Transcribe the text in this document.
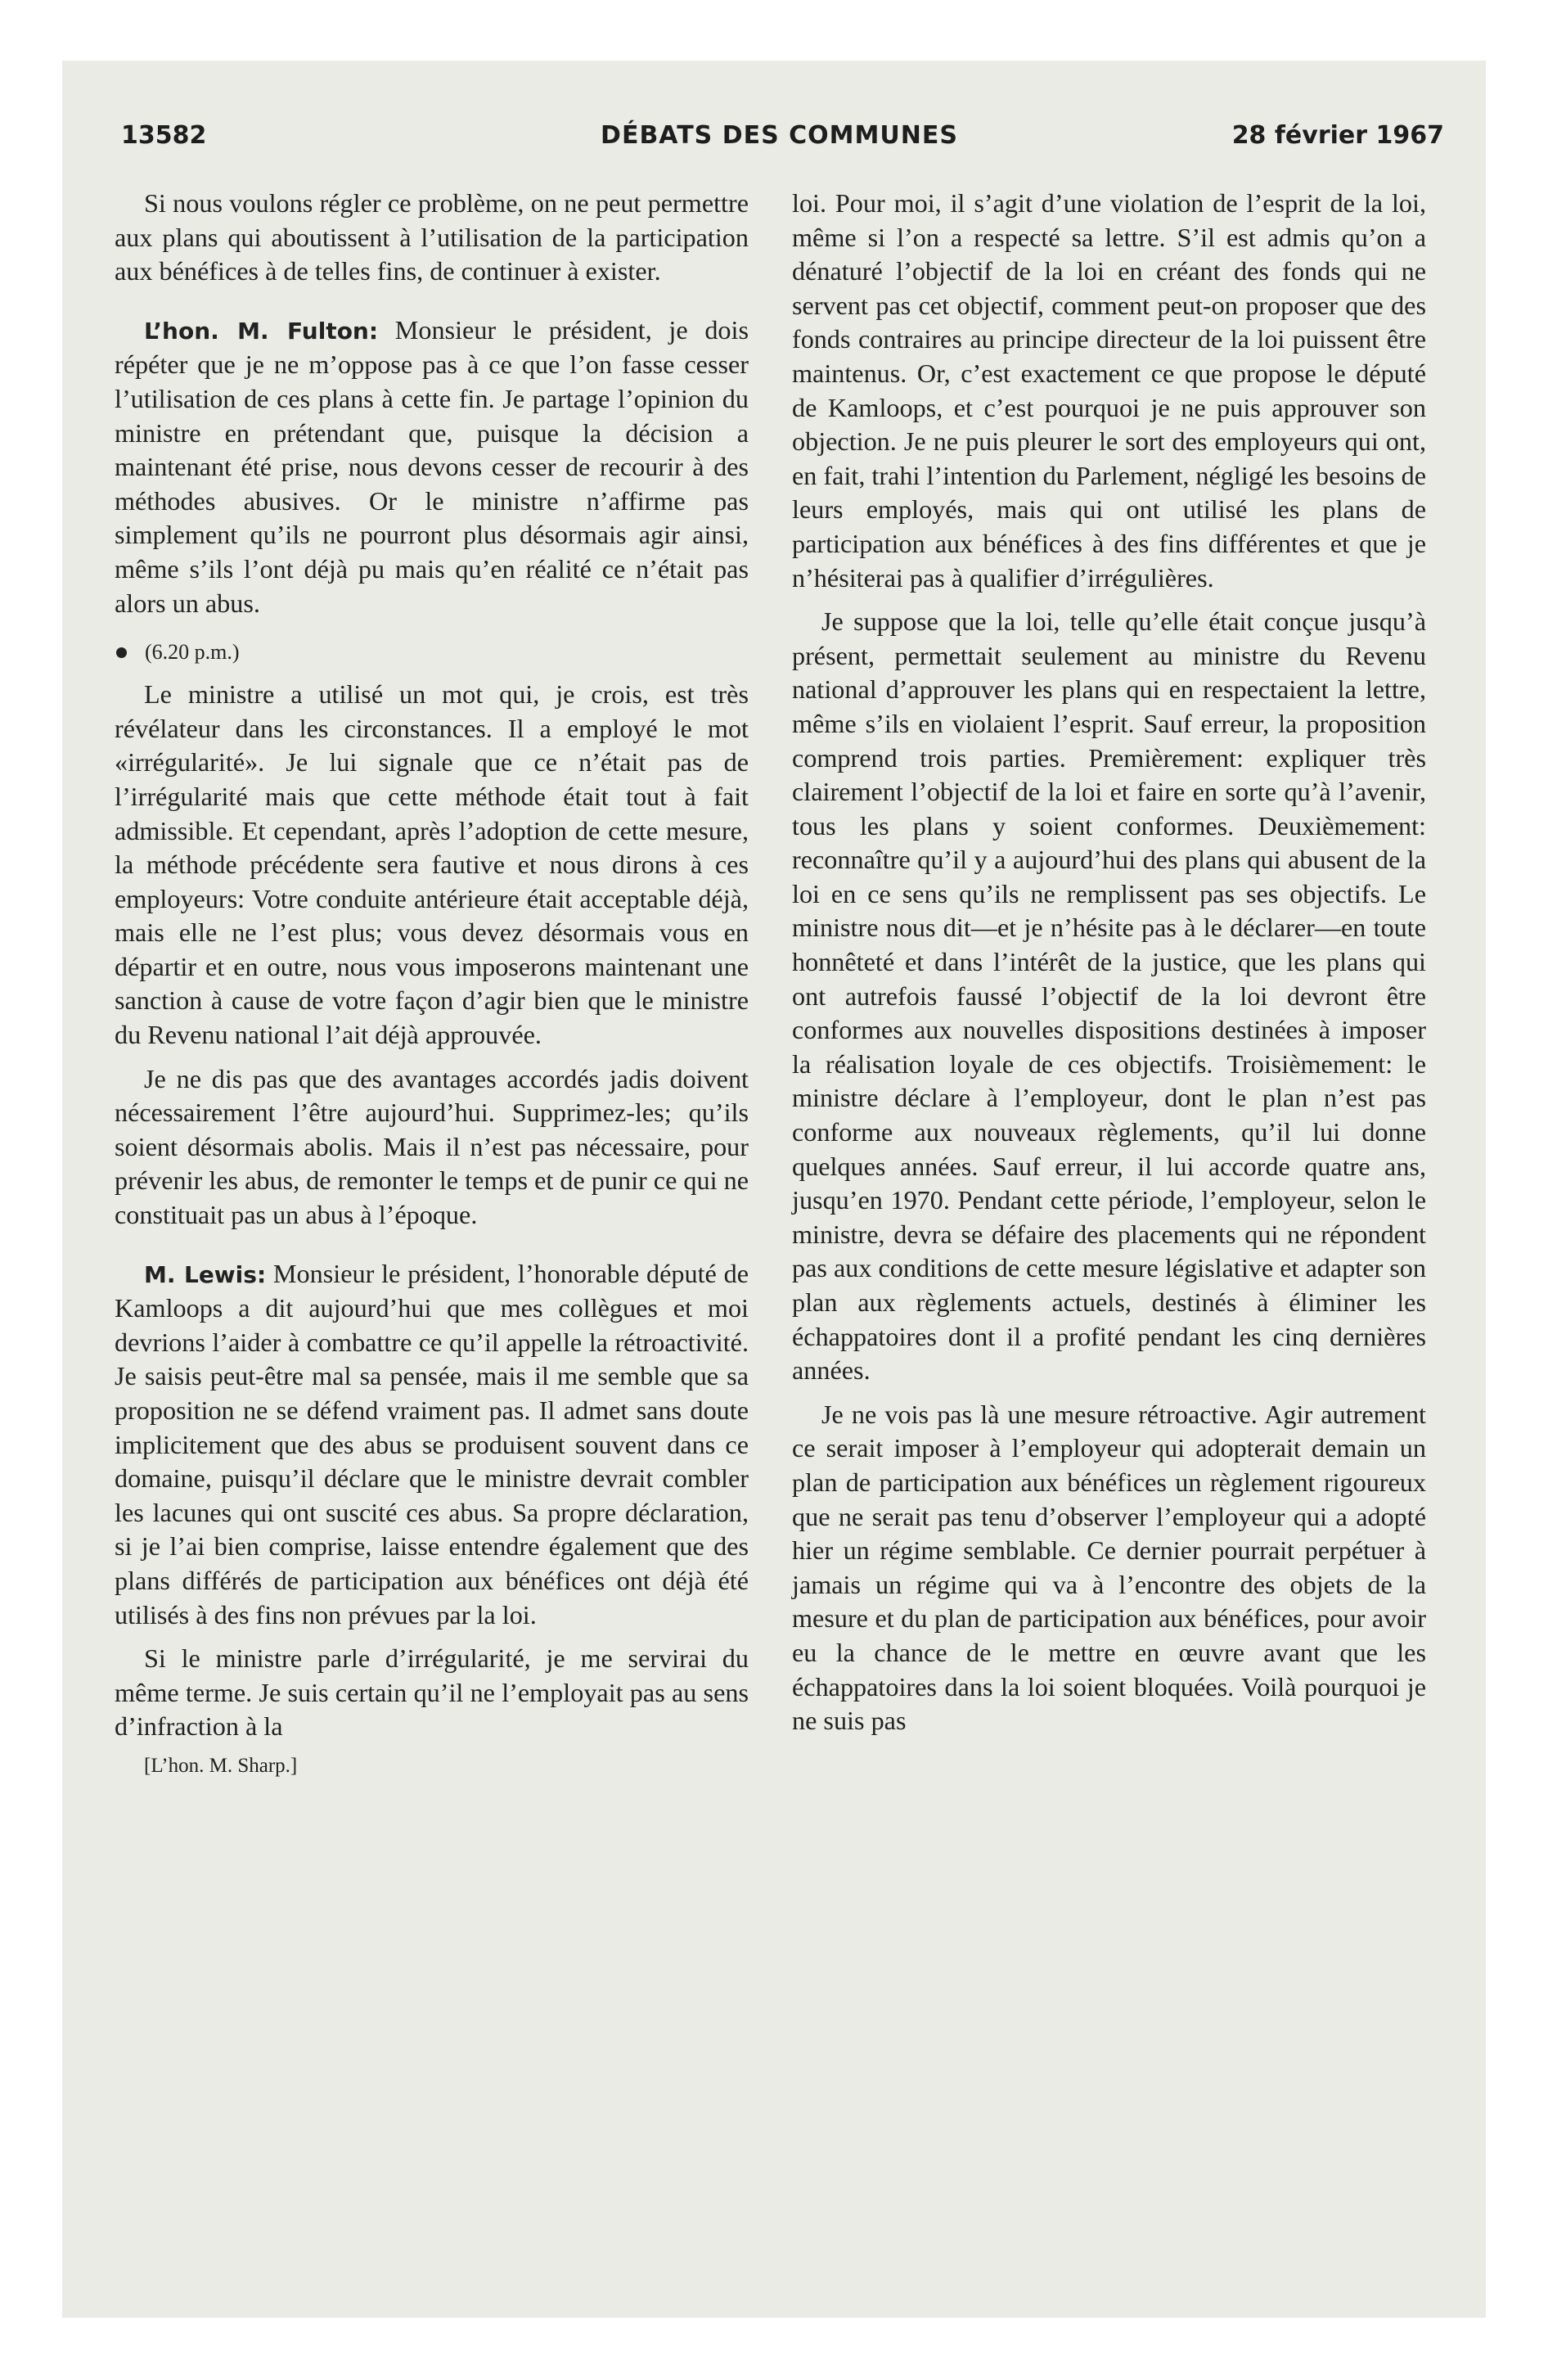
13582	DÉBATS DES COMMUNES	28 février 1967

Si nous voulons régler ce problème, on ne peut permettre aux plans qui aboutissent à l’utilisation de la participation aux bénéfices à de telles fins, de continuer à exister.

L’hon. M. Fulton: Monsieur le président, je dois répéter que je ne m’oppose pas à ce que l’on fasse cesser l’utilisation de ces plans à cette fin. Je partage l’opinion du ministre en prétendant que, puisque la décision a maintenant été prise, nous devons cesser de recourir à des méthodes abusives. Or le ministre n’affirme pas simplement qu’ils ne pourront plus désormais agir ainsi, même s’ils l’ont déjà pu mais qu’en réalité ce n’était pas alors un abus.

(6.20 p.m.)

Le ministre a utilisé un mot qui, je crois, est très révélateur dans les circonstances. Il a employé le mot «irrégularité». Je lui signale que ce n’était pas de l’irrégularité mais que cette méthode était tout à fait admissible. Et cependant, après l’adoption de cette mesure, la méthode précédente sera fautive et nous dirons à ces employeurs: Votre conduite antérieure était acceptable déjà, mais elle ne l’est plus; vous devez désormais vous en départir et en outre, nous vous imposerons maintenant une sanction à cause de votre façon d’agir bien que le ministre du Revenu national l’ait déjà approuvée.

Je ne dis pas que des avantages accordés jadis doivent nécessairement l’être aujourd’hui. Supprimez-les; qu’ils soient désormais abolis. Mais il n’est pas nécessaire, pour prévenir les abus, de remonter le temps et de punir ce qui ne constituait pas un abus à l’époque.

M. Lewis: Monsieur le président, l’honorable député de Kamloops a dit aujourd’hui que mes collègues et moi devrions l’aider à combattre ce qu’il appelle la rétroactivité. Je saisis peut-être mal sa pensée, mais il me semble que sa proposition ne se défend vraiment pas. Il admet sans doute implicitement que des abus se produisent souvent dans ce domaine, puisqu’il déclare que le ministre devrait combler les lacunes qui ont suscité ces abus. Sa propre déclaration, si je l’ai bien comprise, laisse entendre également que des plans différés de participation aux bénéfices ont déjà été utilisés à des fins non prévues par la loi.

Si le ministre parle d’irrégularité, je me servirai du même terme. Je suis certain qu’il ne l’employait pas au sens d’infraction à la

[L’hon. M. Sharp.]

loi. Pour moi, il s’agit d’une violation de l’esprit de la loi, même si l’on a respecté sa lettre. S’il est admis qu’on a dénaturé l’objectif de la loi en créant des fonds qui ne servent pas cet objectif, comment peut-on proposer que des fonds contraires au principe directeur de la loi puissent être maintenus. Or, c’est exactement ce que propose le député de Kamloops, et c’est pourquoi je ne puis approuver son objection. Je ne puis pleurer le sort des employeurs qui ont, en fait, trahi l’intention du Parlement, négligé les besoins de leurs employés, mais qui ont utilisé les plans de participation aux bénéfices à des fins différentes et que je n’hésiterai pas à qualifier d’irrégulières.

Je suppose que la loi, telle qu’elle était conçue jusqu’à présent, permettait seulement au ministre du Revenu national d’approuver les plans qui en respectaient la lettre, même s’ils en violaient l’esprit. Sauf erreur, la proposition comprend trois parties. Premièrement: expliquer très clairement l’objectif de la loi et faire en sorte qu’à l’avenir, tous les plans y soient conformes. Deuxièmement: reconnaître qu’il y a aujourd’hui des plans qui abusent de la loi en ce sens qu’ils ne remplissent pas ses objectifs. Le ministre nous dit—et je n’hésite pas à le déclarer—en toute honnêteté et dans l’intérêt de la justice, que les plans qui ont autrefois faussé l’objectif de la loi devront être conformes aux nouvelles dispositions destinées à imposer la réalisation loyale de ces objectifs. Troisièmement: le ministre déclare à l’employeur, dont le plan n’est pas conforme aux nouveaux règlements, qu’il lui donne quelques années. Sauf erreur, il lui accorde quatre ans, jusqu’en 1970. Pendant cette période, l’employeur, selon le ministre, devra se défaire des placements qui ne répondent pas aux conditions de cette mesure législative et adapter son plan aux règlements actuels, destinés à éliminer les échappatoires dont il a profité pendant les cinq dernières années.

Je ne vois pas là une mesure rétroactive. Agir autrement ce serait imposer à l’employeur qui adopterait demain un plan de participation aux bénéfices un règlement rigoureux que ne serait pas tenu d’observer l’employeur qui a adopté hier un régime semblable. Ce dernier pourrait perpétuer à jamais un régime qui va à l’encontre des objets de la mesure et du plan de participation aux bénéfices, pour avoir eu la chance de le mettre en œuvre avant que les échappatoires dans la loi soient bloquées. Voilà pourquoi je ne suis pas
